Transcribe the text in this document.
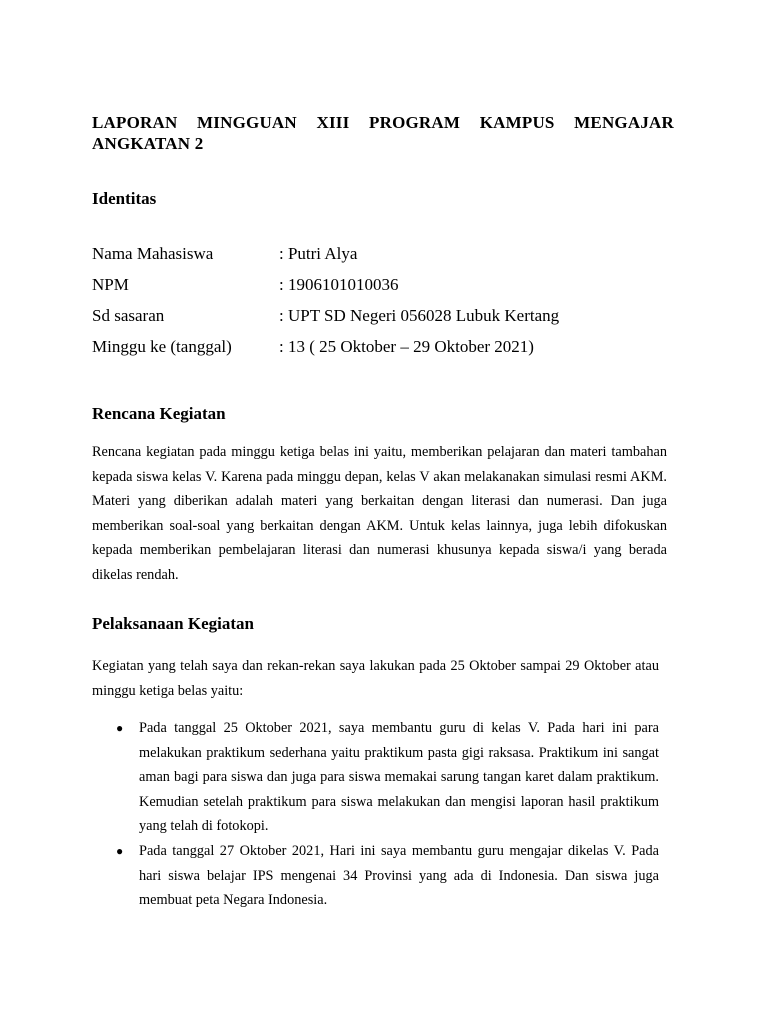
LAPORAN MINGGUAN XIII PROGRAM KAMPUS MENGAJAR ANGKATAN 2
Identitas
Nama Mahasiswa	: Putri Alya
NPM	: 1906101010036
Sd sasaran	: UPT SD Negeri 056028 Lubuk Kertang
Minggu ke (tanggal)	: 13 ( 25 Oktober – 29 Oktober 2021)
Rencana Kegiatan

Rencana kegiatan pada minggu ketiga belas ini yaitu, memberikan pelajaran dan materi tambahan kepada siswa kelas V. Karena pada minggu depan, kelas V akan melakanakan simulasi resmi AKM. Materi yang diberikan adalah materi yang berkaitan dengan literasi dan numerasi. Dan juga memberikan soal-soal yang berkaitan dengan AKM. Untuk kelas lainnya, juga lebih difokuskan kepada memberikan pembelajaran literasi dan numerasi khusunya kepada siswa/i yang berada dikelas rendah.

Pelaksanaan Kegiatan

Kegiatan yang telah saya dan rekan-rekan saya lakukan pada 25 Oktober sampai 29 Oktober atau minggu ketiga belas yaitu:

● Pada tanggal 25 Oktober 2021, saya membantu guru di kelas V. Pada hari ini para melakukan praktikum sederhana yaitu praktikum pasta gigi raksasa. Praktikum ini sangat aman bagi para siswa dan juga para siswa memakai sarung tangan karet dalam praktikum. Kemudian setelah praktikum para siswa melakukan dan mengisi laporan hasil praktikum yang telah di fotokopi.
● Pada tanggal 27 Oktober 2021, Hari ini saya membantu guru mengajar dikelas V. Pada hari siswa belajar IPS mengenai 34 Provinsi yang ada di Indonesia. Dan siswa juga membuat peta Negara Indonesia.
